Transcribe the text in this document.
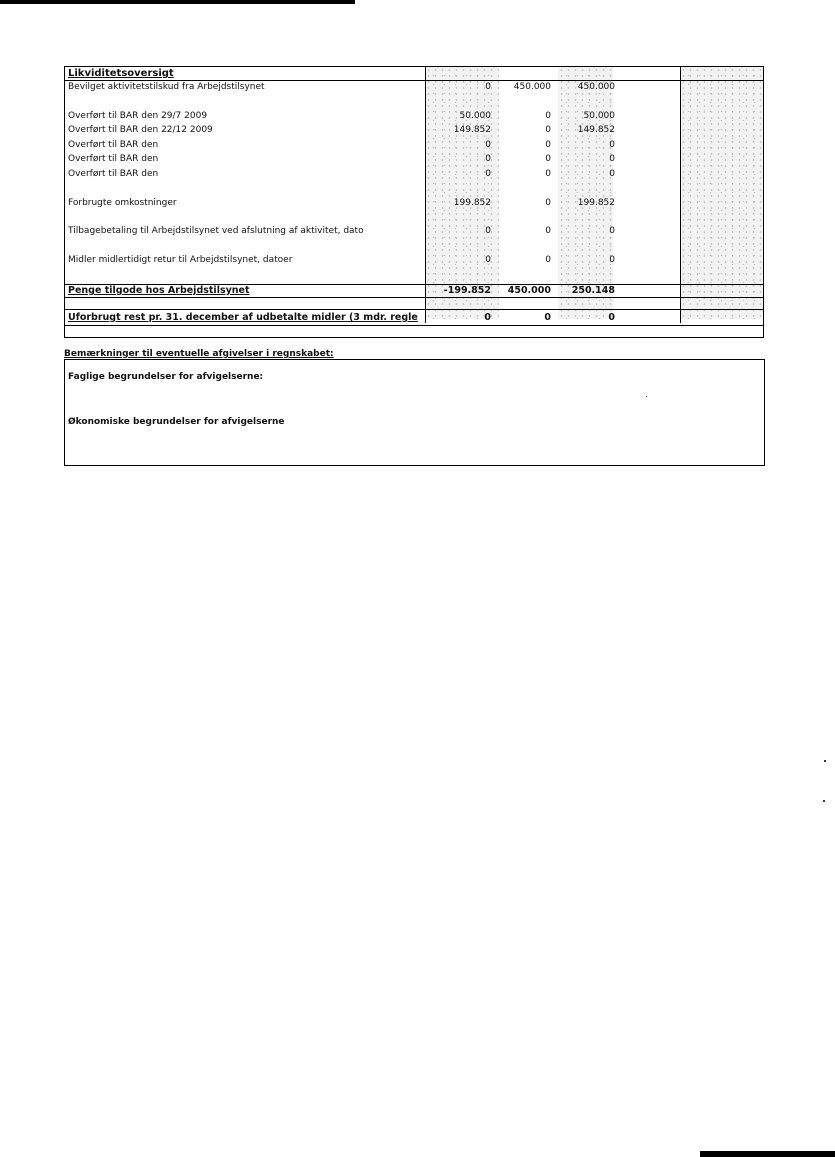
Likviditetsoversigt
Bevilget aktivitetstilskud fra Arbejdstilsynet	0	450.000	450.000
Overført til BAR den 29/7 2009	50.000	0	50.000
Overført til BAR den 22/12 2009	149.852	0	149.852
Overført til BAR den	0	0	0
Overført til BAR den	0	0	0
Overført til BAR den	0	0	0
Forbrugte omkostninger	199.852	0	199.852
Tilbagebetaling til Arbejdstilsynet ved afslutning af aktivitet, dato	0	0	0
Midler midlertidigt retur til Arbejdstilsynet, datoer	0	0	0
Penge tilgode hos Arbejdstilsynet	-199.852 450.000 250.148
Uforbrugt rest pr. 31. december af udbetalte midler (3 mdr. regle	0	0	0
Bemærkninger til eventuelle afgivelser i regnskabet:
Faglige begrundelser for afvigelserne:
Økonomiske begrundelser for afvigelserne
